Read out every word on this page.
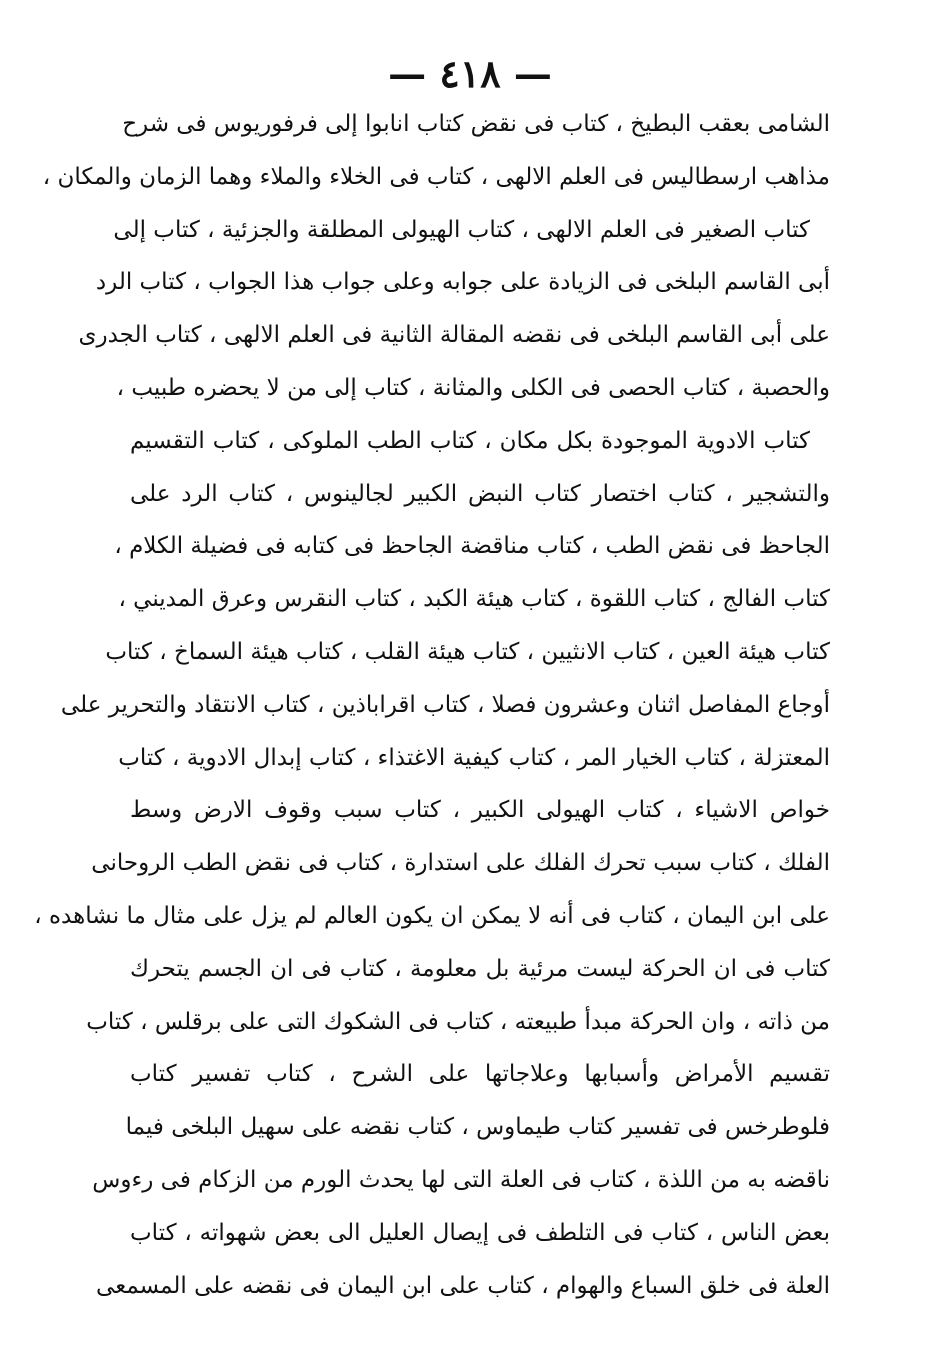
— ٤١٨ —
الشامى بعقب البطيخ ، كتاب فى نقض كتاب انابوا إلى فرفوريوس فى شرح
مذاهب ارسطاليس فى العلم الالهى ، كتاب فى الخلاء والملاء وهما الزمان والمكان ،
كتاب الصغير فى العلم الالهى ، كتاب الهيولى المطلقة والجزئية ، كتاب إلى
أبى القاسم البلخى فى الزيادة على جوابه وعلى جواب هذا الجواب ، كتاب الرد
على أبى القاسم البلخى فى نقضه المقالة الثانية فى العلم الالهى ، كتاب الجدرى
والحصبة ، كتاب الحصى فى الكلى والمثانة ، كتاب إلى من لا يحضره طبيب ،
كتاب الادوية الموجودة بكل مكان ، كتاب الطب الملوكى ، كتاب التقسيم
والتشجير ، كتاب اختصار كتاب النبض الكبير لجالينوس ، كتاب الرد على
الجاحظ فى نقض الطب ، كتاب مناقضة الجاحظ فى كتابه فى فضيلة الكلام ،
كتاب الفالج ، كتاب اللقوة ، كتاب هيئة الكبد ، كتاب النقرس وعرق المديني ،
كتاب هيئة العين ، كتاب الانثيين ، كتاب هيئة القلب ، كتاب هيئة السماخ ، كتاب
أوجاع المفاصل اثنان وعشرون فصلا ، كتاب اقراباذين ، كتاب الانتقاد والتحرير على
المعتزلة ، كتاب الخيار المر ، كتاب كيفية الاغتذاء ، كتاب إبدال الادوية ، كتاب
خواص الاشياء ، كتاب الهيولى الكبير ، كتاب سبب وقوف الارض وسط
الفلك ، كتاب سبب تحرك الفلك على استدارة ، كتاب فى نقض الطب الروحانى
على ابن اليمان ، كتاب فى أنه لا يمكن ان يكون العالم لم يزل على مثال ما نشاهده ،
كتاب فى ان الحركة ليست مرئية بل معلومة ، كتاب فى ان الجسم يتحرك
من ذاته ، وان الحركة مبدأ طبيعته ، كتاب فى الشكوك التى على برقلس ، كتاب
تقسيم الأمراض وأسبابها وعلاجاتها على الشرح ، كتاب تفسير كتاب
فلوطرخس فى تفسير كتاب طيماوس ، كتاب نقضه على سهيل البلخى فيما
ناقضه به من اللذة ، كتاب فى العلة التى لها يحدث الورم من الزكام فى رءوس
بعض الناس ، كتاب فى التلطف فى إيصال العليل الى بعض شهواته ، كتاب
العلة فى خلق السباع والهوام ، كتاب على ابن اليمان فى نقضه على المسمعى
